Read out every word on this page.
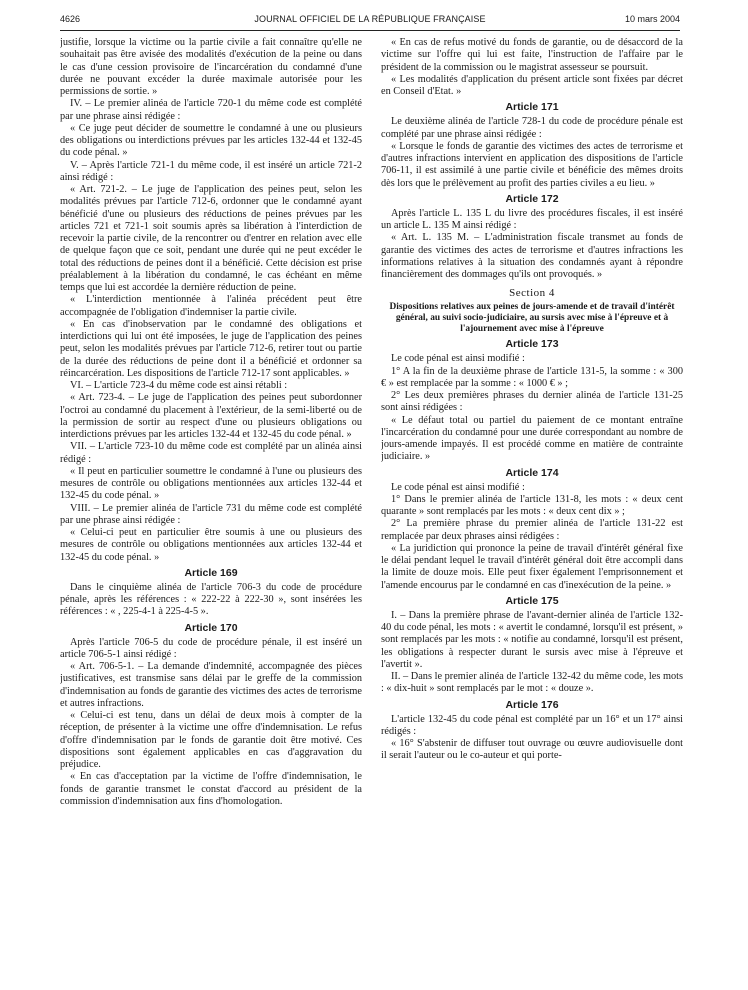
4626	JOURNAL OFFICIEL DE LA RÉPUBLIQUE FRANÇAISE	10 mars 2004

justifie, lorsque la victime ou la partie civile a fait connaître qu'elle ne souhaitait pas être avisée des modalités d'exécution de la peine ou dans le cas d'une cession provisoire de l'incarcération du condamné d'une durée ne pouvant excéder la durée maximale autorisée pour les permissions de sortie. »

IV. – Le premier alinéa de l'article 720-1 du même code est complété par une phrase ainsi rédigée :

« Ce juge peut décider de soumettre le condamné à une ou plusieurs des obligations ou interdictions prévues par les articles 132-44 et 132-45 du code pénal. »

V. – Après l'article 721-1 du même code, il est inséré un article 721-2 ainsi rédigé :

« Art. 721-2. – Le juge de l'application des peines peut, selon les modalités prévues par l'article 712-6, ordonner que le condamné ayant bénéficié d'une ou plusieurs des réductions de peines prévues par les articles 721 et 721-1 soit soumis après sa libération à l'interdiction de recevoir la partie civile, de la rencontrer ou d'entrer en relation avec elle de quelque façon que ce soit, pendant une durée qui ne peut excéder le total des réductions de peines dont il a bénéficié. Cette décision est prise préalablement à la libération du condamné, le cas échéant en même temps que lui est accordée la dernière réduction de peine.

« L'interdiction mentionnée à l'alinéa précédent peut être accompagnée de l'obligation d'indemniser la partie civile.

« En cas d'inobservation par le condamné des obligations et interdictions qui lui ont été imposées, le juge de l'application des peines peut, selon les modalités prévues par l'article 712-6, retirer tout ou partie de la durée des réductions de peine dont il a bénéficié et ordonner sa réincarcération. Les dispositions de l'article 712-17 sont applicables. »

VI. – L'article 723-4 du même code est ainsi rétabli :

« Art. 723-4. – Le juge de l'application des peines peut subordonner l'octroi au condamné du placement à l'extérieur, de la semi-liberté ou de la permission de sortir au respect d'une ou plusieurs obligations ou interdictions prévues par les articles 132-44 et 132-45 du code pénal. »

VII. – L'article 723-10 du même code est complété par un alinéa ainsi rédigé :

« Il peut en particulier soumettre le condamné à l'une ou plusieurs des mesures de contrôle ou obligations mentionnées aux articles 132-44 et 132-45 du code pénal. »

VIII. – Le premier alinéa de l'article 731 du même code est complété par une phrase ainsi rédigée :

« Celui-ci peut en particulier être soumis à une ou plusieurs des mesures de contrôle ou obligations mentionnées aux articles 132-44 et 132-45 du code pénal. »

Article 169

Dans le cinquième alinéa de l'article 706-3 du code de procédure pénale, après les références : « 222-22 à 222-30 », sont insérées les références : « , 225-4-1 à 225-4-5 ».

Article 170

Après l'article 706-5 du code de procédure pénale, il est inséré un article 706-5-1 ainsi rédigé :

« Art. 706-5-1. – La demande d'indemnité, accompagnée des pièces justificatives, est transmise sans délai par le greffe de la commission d'indemnisation au fonds de garantie des victimes des actes de terrorisme et autres infractions.

« Celui-ci est tenu, dans un délai de deux mois à compter de la réception, de présenter à la victime une offre d'indemnisation. Le refus d'offre d'indemnisation par le fonds de garantie doit être motivé. Ces dispositions sont également applicables en cas d'aggravation du préjudice.

« En cas d'acceptation par la victime de l'offre d'indemnisation, le fonds de garantie transmet le constat d'accord au président de la commission d'indemnisation aux fins d'homologation.

« En cas de refus motivé du fonds de garantie, ou de désaccord de la victime sur l'offre qui lui est faite, l'instruction de l'affaire par le président de la commission ou le magistrat assesseur se poursuit.

« Les modalités d'application du présent article sont fixées par décret en Conseil d'Etat. »

Article 171

Le deuxième alinéa de l'article 728-1 du code de procédure pénale est complété par une phrase ainsi rédigée :

« Lorsque le fonds de garantie des victimes des actes de terrorisme et d'autres infractions intervient en application des dispositions de l'article 706-11, il est assimilé à une partie civile et bénéficie des mêmes droits dès lors que le prélèvement au profit des parties civiles a eu lieu. »

Article 172

Après l'article L. 135 L du livre des procédures fiscales, il est inséré un article L. 135 M ainsi rédigé :

« Art. L. 135 M. – L'administration fiscale transmet au fonds de garantie des victimes des actes de terrorisme et d'autres infractions les informations relatives à la situation des condamnés ayant à répondre financièrement des dommages qu'ils ont provoqués. »

Section 4
Dispositions relatives aux peines de jours-amende et de travail d'intérêt général, au suivi socio-judiciaire, au sursis avec mise à l'épreuve et à l'ajournement avec mise à l'épreuve
Article 173

Le code pénal est ainsi modifié :

1° A la fin de la deuxième phrase de l'article 131-5, la somme : « 300 € » est remplacée par la somme : « 1000 € » ;

2° Les deux premières phrases du dernier alinéa de l'article 131-25 sont ainsi rédigées :

« Le défaut total ou partiel du paiement de ce montant entraîne l'incarcération du condamné pour une durée correspondant au nombre de jours-amende impayés. Il est procédé comme en matière de contrainte judiciaire. »

Article 174

Le code pénal est ainsi modifié :

1° Dans le premier alinéa de l'article 131-8, les mots : « deux cent quarante » sont remplacés par les mots : « deux cent dix » ;

2° La première phrase du premier alinéa de l'article 131-22 est remplacée par deux phrases ainsi rédigées :

« La juridiction qui prononce la peine de travail d'intérêt général fixe le délai pendant lequel le travail d'intérêt général doit être accompli dans la limite de douze mois. Elle peut fixer également l'emprisonnement et l'amende encourus par le condamné en cas d'inexécution de la peine. »

Article 175

I. – Dans la première phrase de l'avant-dernier alinéa de l'article 132-40 du code pénal, les mots : « avertit le condamné, lorsqu'il est présent, » sont remplacés par les mots : « notifie au condamné, lorsqu'il est présent, les obligations à respecter durant le sursis avec mise à l'épreuve et l'avertit ».

II. – Dans le premier alinéa de l'article 132-42 du même code, les mots : « dix-huit » sont remplacés par le mot : « douze ».

Article 176

L'article 132-45 du code pénal est complété par un 16° et un 17° ainsi rédigés :

« 16° S'abstenir de diffuser tout ouvrage ou œuvre audiovisuelle dont il serait l'auteur ou le co-auteur et qui porte-
